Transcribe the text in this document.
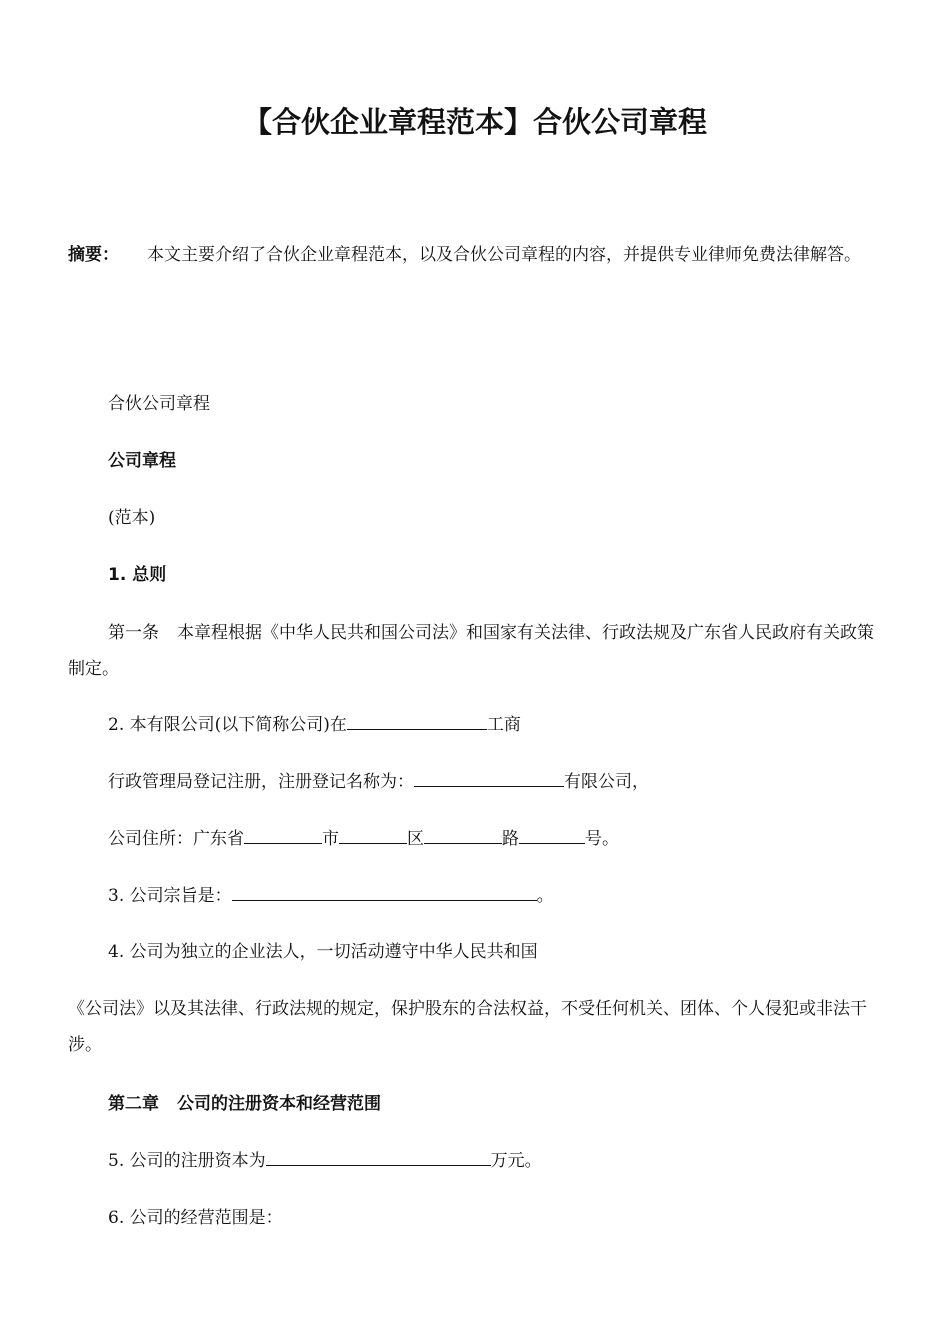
【合伙企业章程范本】合伙公司章程
摘要： 本文主要介绍了合伙企业章程范本，以及合伙公司章程的内容，并提供专业律师免费法律解答。

合伙公司章程

公司章程

(范本)

1. 总则

第一条 本章程根据《中华人民共和国公司法》和国家有关法律、行政法规及广东省人民政府有关政策制定。

2. 本有限公司(以下简称公司)在	工商

行政管理局登记注册，注册登记名称为：	有限公司，

公司住所：广东省	市	区	路	号。

3. 公司宗旨是：	。

4. 公司为独立的企业法人，一切活动遵守中华人民共和国

《公司法》以及其法律、行政法规的规定，保护股东的合法权益，不受任何机关、团体、个人侵犯或非法干涉。

第二章 公司的注册资本和经营范围

5. 公司的注册资本为	万元。

6. 公司的经营范围是：
